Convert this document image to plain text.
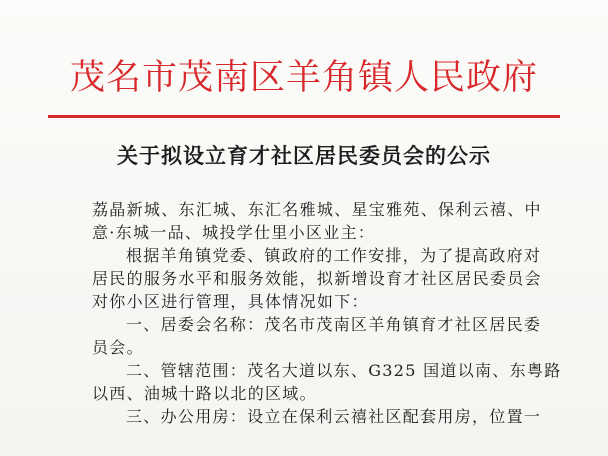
茂名市茂南区羊角镇人民政府
关于拟设立育才社区居民委员会的公示
荔晶新城、东汇城、东汇名雅城、星宝雅苑、保利云禧、中
意·东城一品、城投学仕里小区业主：
根据羊角镇党委、镇政府的工作安排，为了提高政府对
居民的服务水平和服务效能，拟新增设育才社区居民委员会
对你小区进行管理，具体情况如下：
一、居委会名称：茂名市茂南区羊角镇育才社区居民委
员会。
二、管辖范围：茂名大道以东、G325 国道以南、东粤路
以西、油城十路以北的区域。
三、办公用房：设立在保利云禧社区配套用房，位置一
